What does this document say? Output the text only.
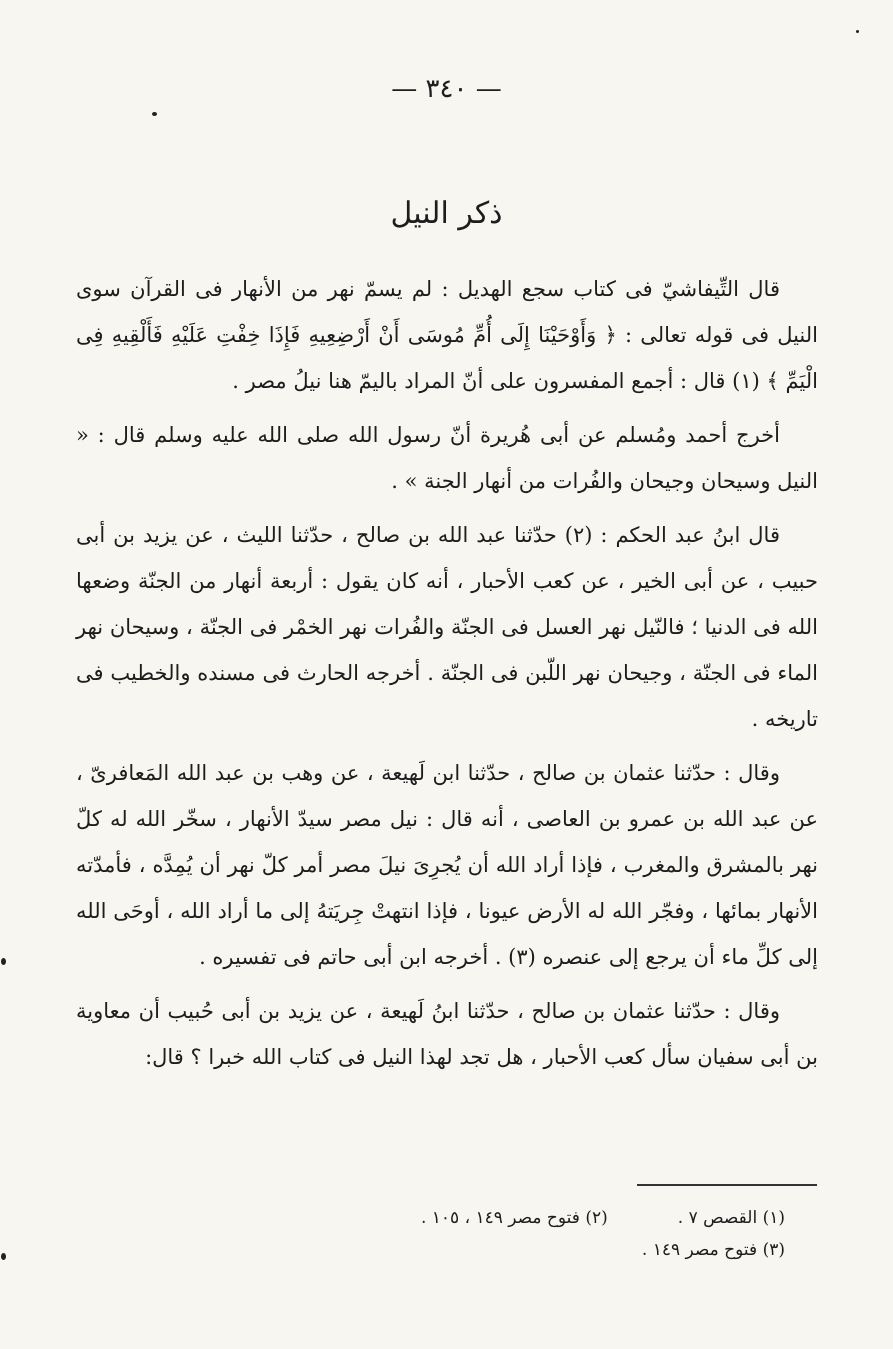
— ٣٤٠ —
ذكر النيل

قال التِّيفاشيّ فى كتاب سجع الهديل : لم يسمّ نهر من الأنهار فى القرآن سوى النيل فى قوله تعالى : ﴿ وَأَوْحَيْنَا إِلَى أُمِّ مُوسَى أَنْ أَرْضِعِيهِ فَإِذَا خِفْتِ عَلَيْهِ فَأَلْقِيهِ فِى الْيَمِّ ﴾ (١) قال : أجمع المفسرون على أنّ المراد باليمّ هنا نيلُ مصر .

أخرج أحمد ومُسلم عن أبى هُريرة أنّ رسول الله صلى الله عليه وسلم قال : « النيل وسيحان وجيحان والفُرات من أنهار الجنة » .

قال ابنُ عبد الحكم : (٢) حدّثنا عبد الله بن صالح ، حدّثنا الليث ، عن يزيد بن أبى حبيب ، عن أبى الخير ، عن كعب الأحبار ، أنه كان يقول : أربعة أنهار من الجنّة وضعها الله فى الدنيا ؛ فالنّيل نهر العسل فى الجنّة والفُرات نهر الخمْر فى الجنّة ، وسيحان نهر الماء فى الجنّة ، وجيحان نهر اللّبن فى الجنّة . أخرجه الحارث فى مسنده والخطيب فى تاريخه .

وقال : حدّثنا عثمان بن صالح ، حدّثنا ابن لَهيعة ، عن وهب بن عبد الله المَعافرىّ ، عن عبد الله بن عمرو بن العاصى ، أنه قال : نيل مصر سيدّ الأنهار ، سخّر الله له كلّ نهر بالمشرق والمغرب ، فإذا أراد الله أن يُجرِىَ نيلَ مصر أمر كلّ نهر أن يُمِدَّه ، فأمدّته الأنهار بمائها ، وفجّر الله له الأرض عيونا ، فإذا انتهتْ جِريَتهُ إلى ما أراد الله ، أوحَى الله إلى كلِّ ماء أن يرجع إلى عنصره (٣) . أخرجه ابن أبى حاتم فى تفسيره .

وقال : حدّثنا عثمان بن صالح ، حدّثنا ابنُ لَهيعة ، عن يزيد بن أبى حُبيب أن معاوية بن أبى سفيان سأل كعب الأحبار ، هل تجد لهذا النيل فى كتاب الله خبرا ؟ قال:

(١) القصص ٧ .
(٢) فتوح مصر ١٤٩ ، ١٠٥ .
(٣) فتوح مصر ١٤٩ .
